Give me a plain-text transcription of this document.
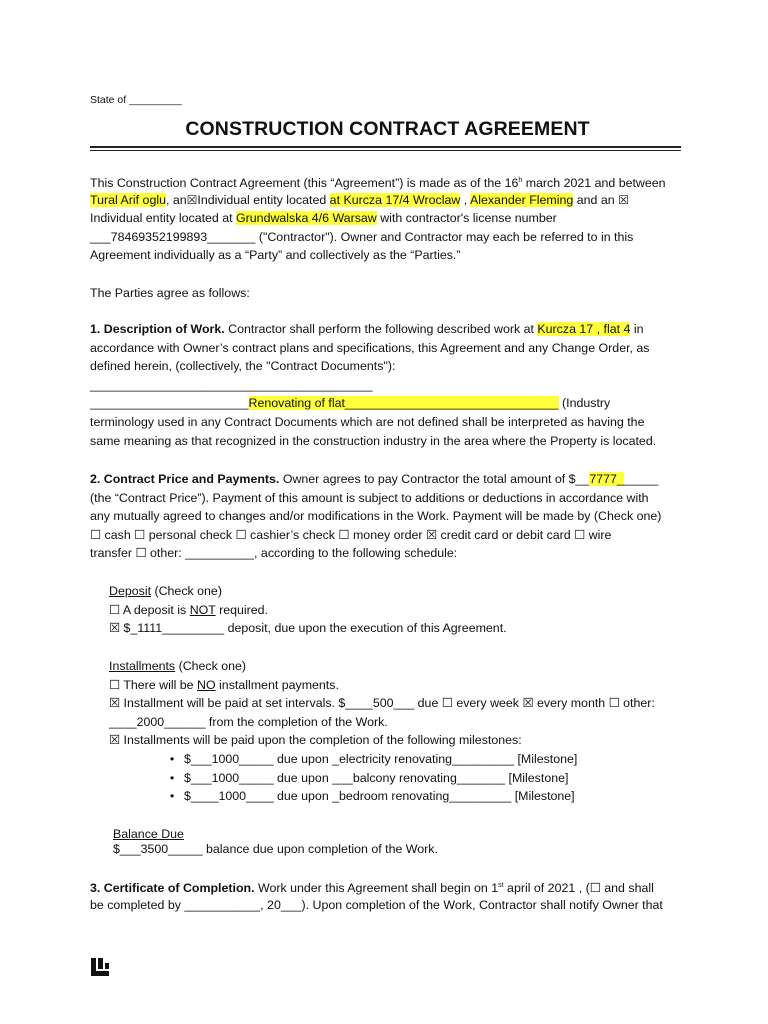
State of _________
CONSTRUCTION CONTRACT AGREEMENT
This Construction Contract Agreement (this “Agreement”) is made as of the 16$^h$ march 2021 and between
Tural Arif oglu, an☒Individual entity located at Kurcza 17/4 Wroclaw , Alexander Fleming and an ☒
Individual entity located at Grundwalska 4/6 Warsaw with contractor's license number
___78469352199893_______ ("Contractor"). Owner and Contractor may each be referred to in this
Agreement individually as a “Party” and collectively as the “Parties.”
The Parties agree as follows:
1. Description of Work. Contractor shall perform the following described work at Kurcza 17 , flat 4 in
accordance with Owner’s contract plans and specifications, this Agreement and any Change Order, as
defined herein, (collectively, the "Contract Documents"):
_________________________________________
_______________________Renovating of flat_______________________________ (Industry
terminology used in any Contract Documents which are not defined shall be interpreted as having the
same meaning as that recognized in the construction industry in the area where the Property is located.
2. Contract Price and Payments. Owner agrees to pay Contractor the total amount of $__7777______
(the “Contract Price”). Payment of this amount is subject to additions or deductions in accordance with
any mutually agreed to changes and/or modifications in the Work. Payment will be made by (Check one)
☐ cash ☐ personal check ☐ cashier’s check ☐ money order ☒ credit card or debit card ☐ wire
transfer ☐ other: __________, according to the following schedule:
Deposit (Check one)
☐ A deposit is NOT required.
☒ $_1111_________ deposit, due upon the execution of this Agreement.
Installments (Check one)
☐ There will be NO installment payments.
☒ Installment will be paid at set intervals. $____500___ due ☐ every week ☒ every month ☐ other:
____2000______ from the completion of the Work.
☒ Installments will be paid upon the completion of the following milestones:
• $___1000_____ due upon _electricity renovating_________ [Milestone]
• $___1000_____ due upon ___balcony renovating_______ [Milestone]
• $____1000____ due upon _bedroom renovating_________ [Milestone]
Balance Due
$___3500_____ balance due upon completion of the Work.
3. Certificate of Completion. Work under this Agreement shall begin on 1st april of 2021 , (☐ and shall
be completed by ___________, 20___). Upon completion of the Work, Contractor shall notify Owner that
